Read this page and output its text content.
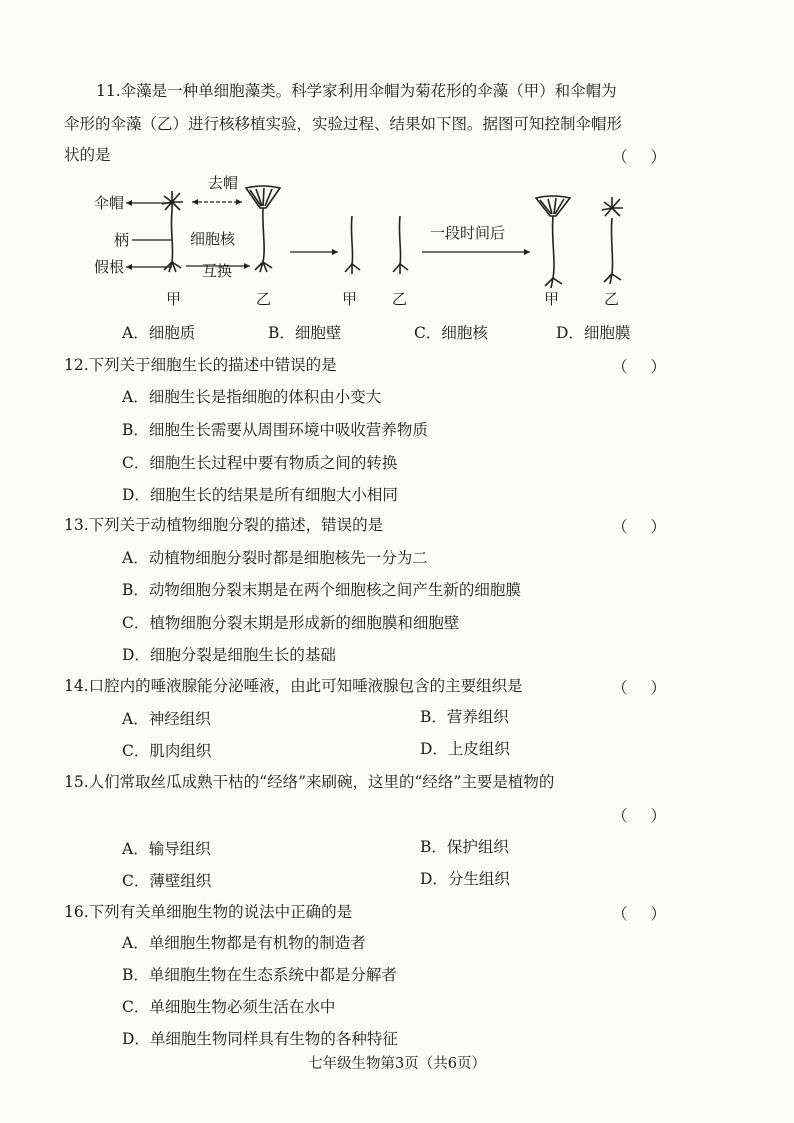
11.伞藻是一种单细胞藻类。科学家利用伞帽为菊花形的伞藻（甲）和伞帽为
伞形的伞藻（乙）进行核移植实验，实验过程、结果如下图。据图可知控制伞帽形
状的是	（ ）
伞帽
柄
假根
去帽
细胞核
互换
一段时间后
甲	乙	甲 乙	甲	乙
A．细胞质	B．细胞壁	C．细胞核	D．细胞膜
12.下列关于细胞生长的描述中错误的是	（ ）
A．细胞生长是指细胞的体积由小变大
B．细胞生长需要从周围环境中吸收营养物质
C．细胞生长过程中要有物质之间的转换
D．细胞生长的结果是所有细胞大小相同
13.下列关于动植物细胞分裂的描述，错误的是	（ ）
A．动植物细胞分裂时都是细胞核先一分为二
B．动物细胞分裂末期是在两个细胞核之间产生新的细胞膜
C．植物细胞分裂末期是形成新的细胞膜和细胞壁
D．细胞分裂是细胞生长的基础
14.口腔内的唾液腺能分泌唾液，由此可知唾液腺包含的主要组织是	（ ）
A．神经组织	B．营养组织
C．肌肉组织	D．上皮组织
15.人们常取丝瓜成熟干枯的“经络”来刷碗，这里的“经络”主要是植物的
（ ）
A．输导组织	B．保护组织
C．薄壁组织	D．分生组织
16.下列有关单细胞生物的说法中正确的是	（ ）
A．单细胞生物都是有机物的制造者
B．单细胞生物在生态系统中都是分解者
C．单细胞生物必须生活在水中
D．单细胞生物同样具有生物的各种特征
七年级生物第3页（共6页）
